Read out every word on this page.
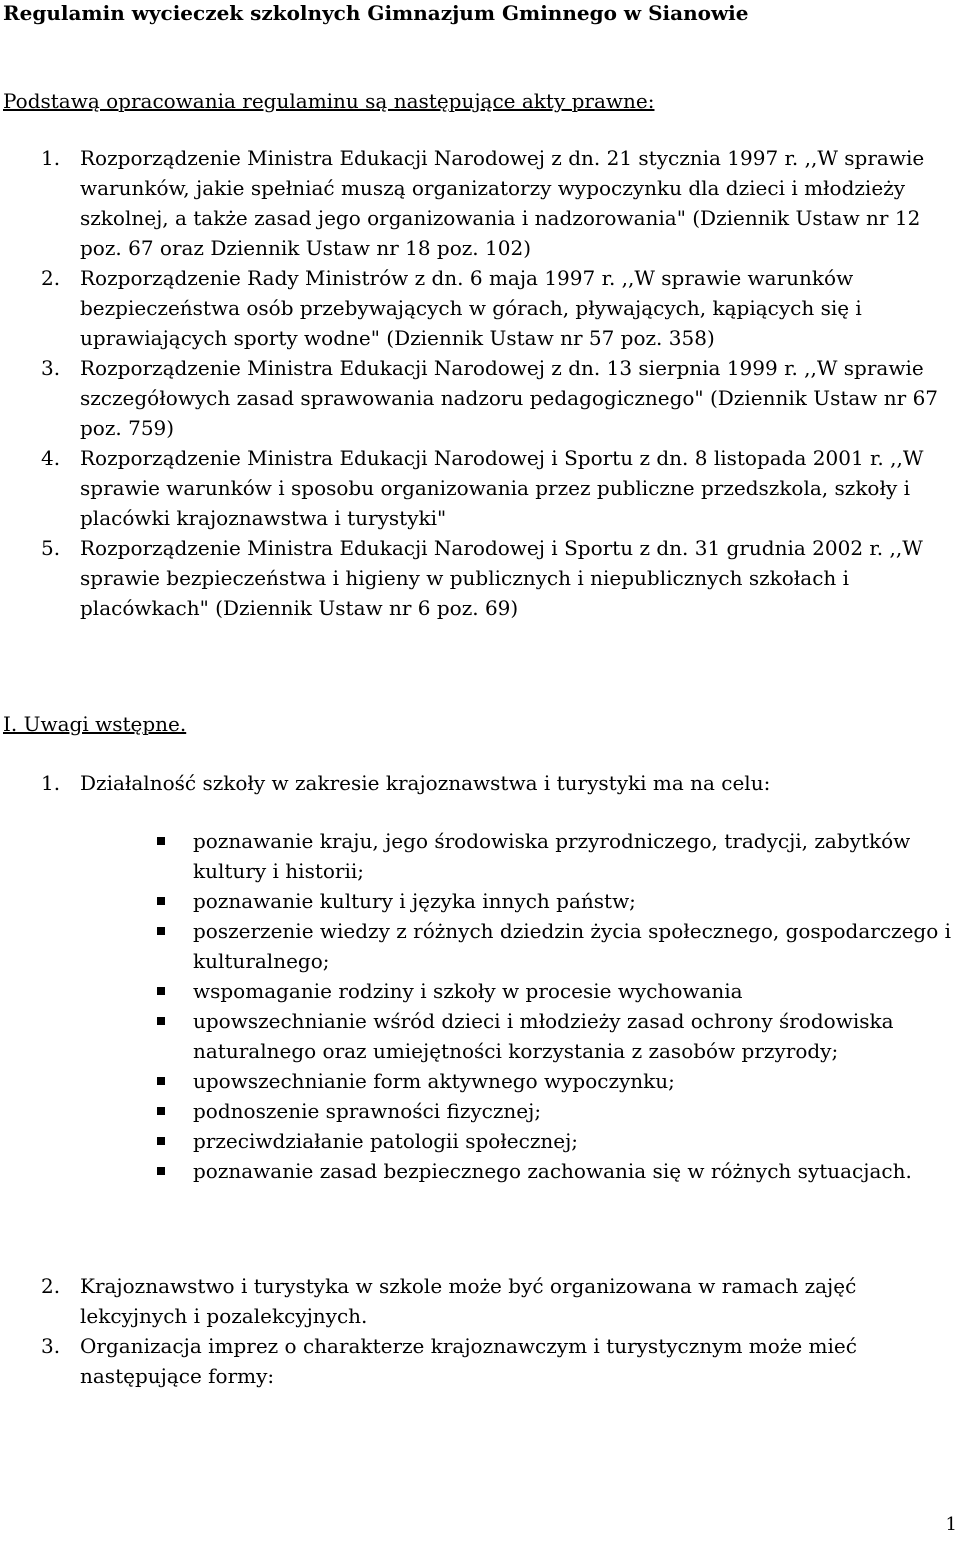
Regulamin wycieczek szkolnych Gimnazjum Gminnego w Sianowie
Podstawą opracowania regulaminu są następujące akty prawne:
1. Rozporządzenie Ministra Edukacji Narodowej z dn. 21 stycznia 1997 r. ,,W sprawie warunków, jakie spełniać muszą organizatorzy wypoczynku dla dzieci i młodzieży szkolnej, a także zasad jego organizowania i nadzorowania" (Dziennik Ustaw nr 12 poz. 67 oraz Dziennik Ustaw nr 18 poz. 102)
2. Rozporządzenie Rady Ministrów z dn. 6 maja 1997 r. ,,W sprawie warunków bezpieczeństwa osób przebywających w górach, pływających, kąpiących się i uprawiających sporty wodne" (Dziennik Ustaw nr 57 poz. 358)
3. Rozporządzenie Ministra Edukacji Narodowej z dn. 13 sierpnia 1999 r. ,,W sprawie szczegółowych zasad sprawowania nadzoru pedagogicznego" (Dziennik Ustaw nr 67 poz. 759)
4. Rozporządzenie Ministra Edukacji Narodowej i Sportu z dn. 8 listopada 2001 r. ,,W sprawie warunków i sposobu organizowania przez publiczne przedszkola, szkoły i placówki krajoznawstwa i turystyki"
5. Rozporządzenie Ministra Edukacji Narodowej i Sportu z dn. 31 grudnia 2002 r. ,,W sprawie bezpieczeństwa i higieny w publicznych i niepublicznych szkołach i placówkach" (Dziennik Ustaw nr 6 poz. 69)
I. Uwagi wstępne.
1. Działalność szkoły w zakresie krajoznawstwa i turystyki ma na celu:
poznawanie kraju, jego środowiska przyrodniczego, tradycji, zabytków kultury i historii;
poznawanie kultury i języka innych państw;
poszerzenie wiedzy z różnych dziedzin życia społecznego, gospodarczego i kulturalnego;
wspomaganie rodziny i szkoły w procesie wychowania
upowszechnianie wśród dzieci i młodzieży zasad ochrony środowiska naturalnego oraz umiejętności korzystania z zasobów przyrody;
upowszechnianie form aktywnego wypoczynku;
podnoszenie sprawności fizycznej;
przeciwdziałanie patologii społecznej;
poznawanie zasad bezpiecznego zachowania się w różnych sytuacjach.
2. Krajoznawstwo i turystyka w szkole może być organizowana w ramach zajęć lekcyjnych i pozalekcyjnych.
3. Organizacja imprez o charakterze krajoznawczym i turystycznym może mieć następujące formy:
1
